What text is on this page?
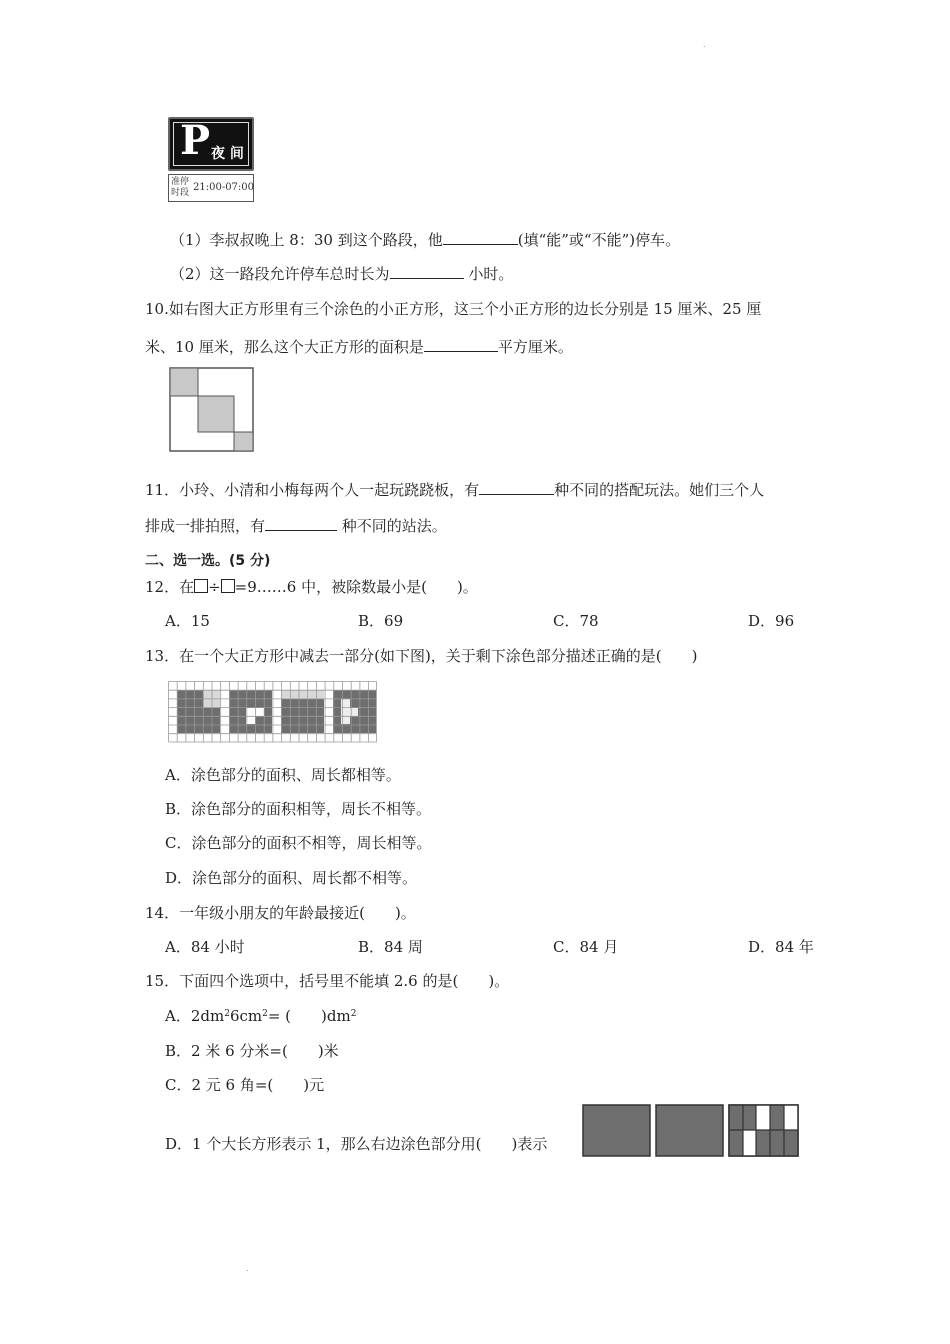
.
P 夜 间
准停
时段 21:00-07:00
（1）李叔叔晚上 8：30 到这个路段，他	(填“能”或“不能”)停车。
（2）这一路段允许停车总时长为	小时。
10.如右图大正方形里有三个涂色的小正方形，这三个小正方形的边长分别是 15 厘米、25 厘
米、10 厘米，那么这个大正方形的面积是	平方厘米。
11．小玲、小清和小梅每两个人一起玩跷跷板，有	种不同的搭配玩法。她们三个人
排成一排拍照，有	种不同的站法。
二、选一选。(5 分)
12．在 ÷ =9……6 中，被除数最小是(　　)。
A．15	B．69	C．78	D．96
13．在一个大正方形中减去一部分(如下图)，关于剩下涂色部分描述正确的是(　　)
A．涂色部分的面积、周长都相等。
B．涂色部分的面积相等，周长不相等。
C．涂色部分的面积不相等，周长相等。
D．涂色部分的面积、周长都不相等。
14．一年级小朋友的年龄最接近(　　)。
A．84 小时	B．84 周	C．84 月	D．84 年
15．下面四个选项中，括号里不能填 2.6 的是(　　)。
A．$2dm^26cm^2=$ (　　)$dm^2$
B．2 米 6 分米=(　　)米
C．2 元 6 角=(　　)元
D．1 个大长方形表示 1，那么右边涂色部分用(　　)表示
.
